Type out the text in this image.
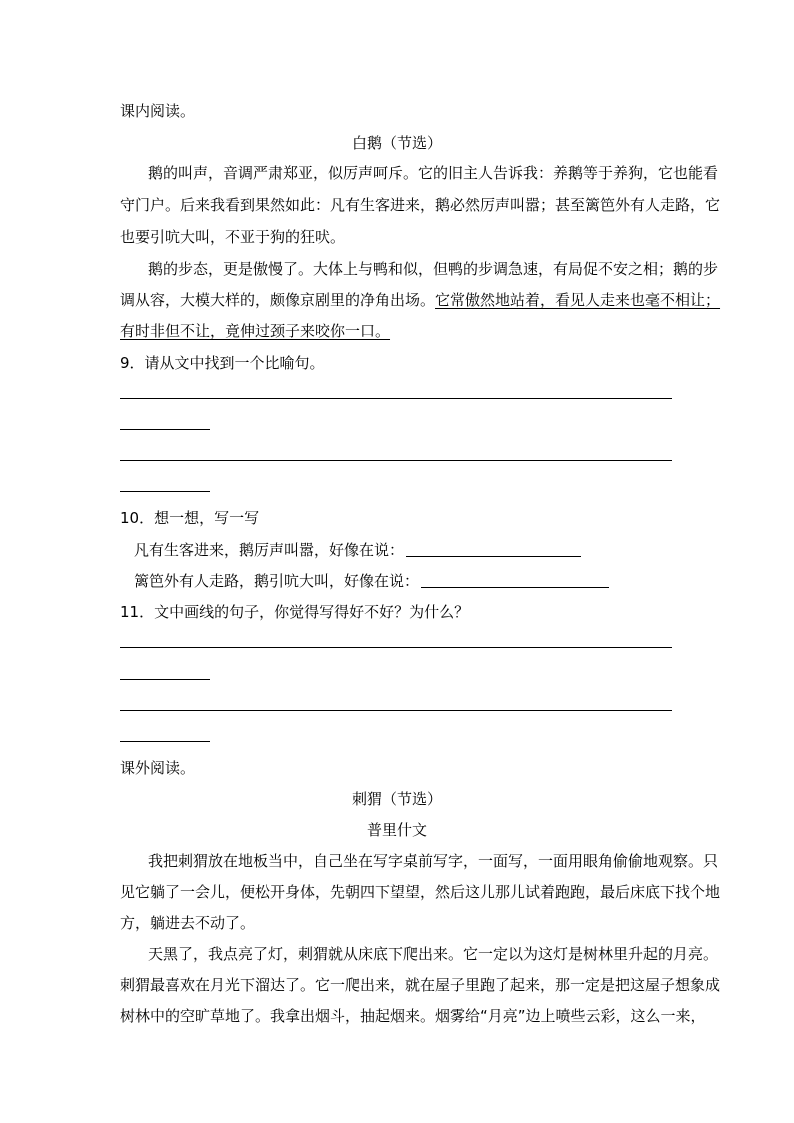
课内阅读。
白鹅（节选）
鹅的叫声，音调严肃郑亚，似厉声呵斥。它的旧主人告诉我：养鹅等于养狗，它也能看
守门户。后来我看到果然如此：凡有生客进来，鹅必然厉声叫嚣；甚至篱笆外有人走路，它
也要引吭大叫，不亚于狗的狂吠。
鹅的步态，更是傲慢了。大体上与鸭和似，但鸭的步调急速，有局促不安之相；鹅的步
调从容，大模大样的，颇像京剧里的净角出场。它常傲然地站着，看见人走来也毫不相让；
有时非但不让，竟伸过颈子来咬你一口。
9．请从文中找到一个比喻句。
10．想一想，写一写
凡有生客进来，鹅厉声叫嚣，好像在说：
篱笆外有人走路，鹅引吭大叫，好像在说：
11．文中画线的句子，你觉得写得好不好？为什么？
课外阅读。
刺猬（节选）
普里什文
我把刺猬放在地板当中，自己坐在写字桌前写字，一面写，一面用眼角偷偷地观察。只
见它躺了一会儿，便松开身体，先朝四下望望，然后这儿那儿试着跑跑，最后床底下找个地
方，躺进去不动了。
天黑了，我点亮了灯，刺猬就从床底下爬出来。它一定以为这灯是树林里升起的月亮。
刺猬最喜欢在月光下溜达了。它一爬出来，就在屋子里跑了起来，那一定是把这屋子想象成
树林中的空旷草地了。我拿出烟斗，抽起烟来。烟雾给“月亮”边上喷些云彩，这么一来，
